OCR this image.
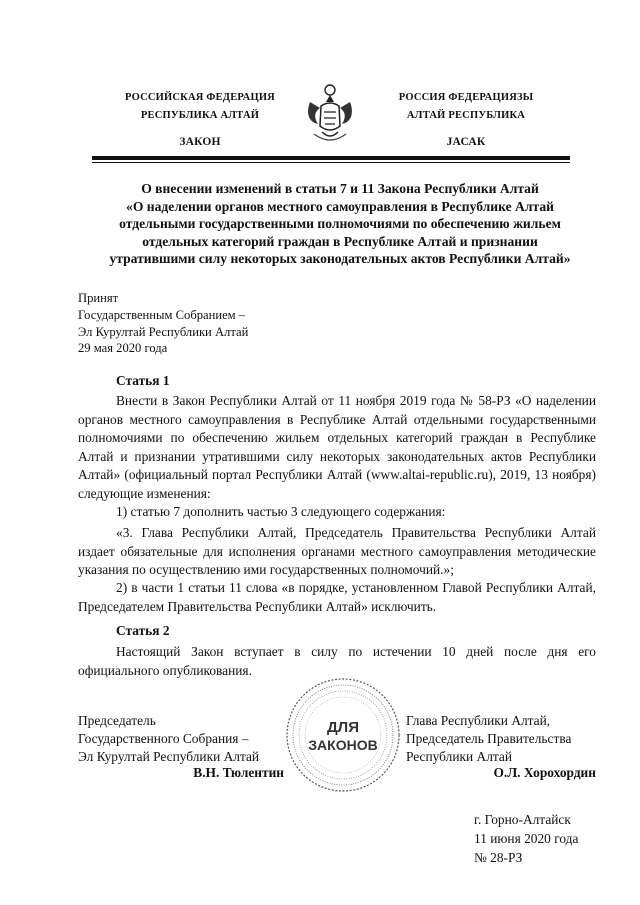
РОССИЙСКАЯ ФЕДЕРАЦИЯ
РЕСПУБЛИКА АЛТАЙ
ЗАКОН
РОССИЯ ФЕДЕРАЦИЯЗЫ
АЛТАЙ РЕСПУБЛИКА
JАСАК
О внесении изменений в статьи 7 и 11 Закона Республики Алтай
«О наделении органов местного самоуправления в Республике Алтай
отдельными государственными полномочиями по обеспечению жильем
отдельных категорий граждан в Республике Алтай и признании
утратившими силу некоторых законодательных актов Республики Алтай»
Принят
Государственным Собранием –
Эл Курултай Республики Алтай
29 мая 2020 года
Статья 1
Внести в Закон Республики Алтай от 11 ноября 2019 года № 58-РЗ «О наделении органов местного самоуправления в Республике Алтай отдельными государственными полномочиями по обеспечению жильем отдельных категорий граждан в Республике Алтай и признании утратившими силу некоторых законодательных актов Республики Алтай» (официальный портал Республики Алтай (www.altai-republic.ru), 2019, 13 ноября) следующие изменения:
1) статью 7 дополнить частью 3 следующего содержания:
«3. Глава Республики Алтай, Председатель Правительства Республики Алтай издает обязательные для исполнения органами местного самоуправления методические указания по осуществлению ими государственных полномочий.»;
2) в части 1 статьи 11 слова «в порядке, установленном Главой Республики Алтай, Председателем Правительства Республики Алтай» исключить.
Статья 2
Настоящий Закон вступает в силу по истечении 10 дней после дня его официального опубликования.
Председатель
Государственного Собрания –
Эл Курултай Республики Алтай
В.Н. Тюлентин
Глава Республики Алтай,
Председатель Правительства
Республики Алтай
О.Л. Хорохордин
ДЛЯ
ЗАКОНОВ
г. Горно-Алтайск
11 июня 2020 года
№ 28-РЗ
